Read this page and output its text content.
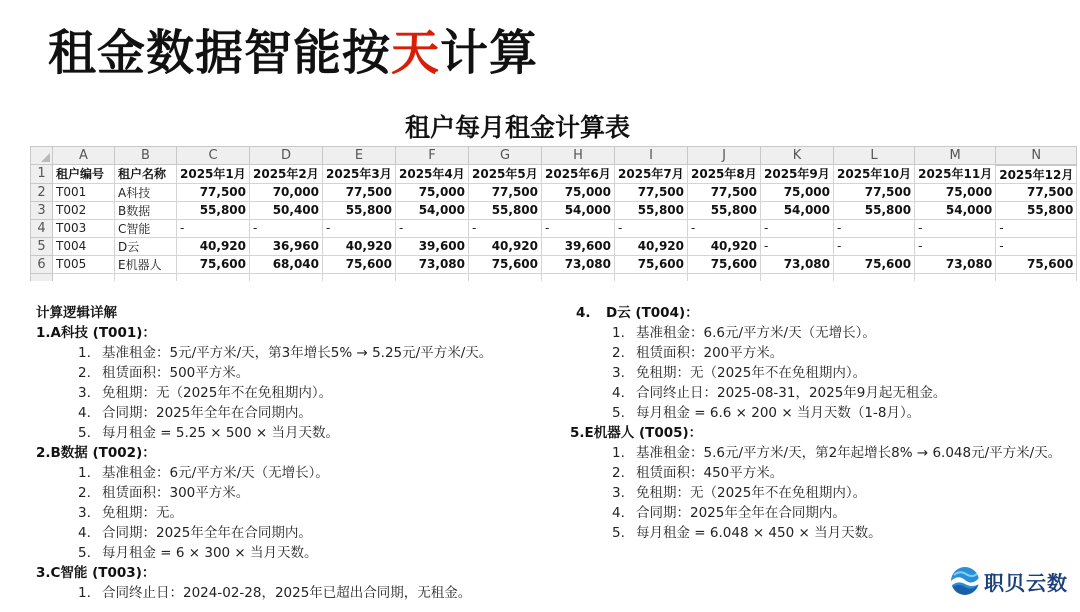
租金数据智能按天计算
租户每月租金计算表
	A	B	C	D	E	F	G	H	I	J	K	L	M	N
1	租户编号	租户名称	2025年1月	2025年2月	2025年3月	2025年4月	2025年5月	2025年6月	2025年7月	2025年8月	2025年9月	2025年10月	2025年11月	2025年12月
2	T001	A科技	77,500	70,000	77,500	75,000	77,500	75,000	77,500	77,500	75,000	77,500	75,000	77,500
3	T002	B数据	55,800	50,400	55,800	54,000	55,800	54,000	55,800	55,800	54,000	55,800	54,000	55,800
4	T003	C智能	-	-	-	-	-	-	-	-	-	-	-	-
5	T004	D云	40,920	36,960	40,920	39,600	40,920	39,600	40,920	40,920	-	-	-	-
6	T005	E机器人	75,600	68,040	75,600	73,080	75,600	73,080	75,600	75,600	73,080	75,600	73,080	75,600

计算逻辑详解
1.A科技 (T001)：
1. 基准租金：5元/平方米/天，第3年增长5% → 5.25元/平方米/天。
2. 租赁面积：500平方米。
3. 免租期：无（2025年不在免租期内）。
4. 合同期：2025年全年在合同期内。
5. 每月租金 = 5.25 × 500 × 当月天数。
2.B数据 (T002)：
1. 基准租金：6元/平方米/天（无增长）。
2. 租赁面积：300平方米。
3. 免租期：无。
4. 合同期：2025年全年在合同期内。
5. 每月租金 = 6 × 300 × 当月天数。
3.C智能 (T003)：
1. 合同终止日：2024-02-28，2025年已超出合同期，无租金。
4. D云 (T004)：
1. 基准租金：6.6元/平方米/天（无增长）。
2. 租赁面积：200平方米。
3. 免租期：无（2025年不在免租期内）。
4. 合同终止日：2025-08-31，2025年9月起无租金。
5. 每月租金 = 6.6 × 200 × 当月天数（1-8月）。
5.E机器人 (T005)：
1. 基准租金：5.6元/平方米/天，第2年起增长8% → 6.048元/平方米/天。
2. 租赁面积：450平方米。
3. 免租期：无（2025年不在免租期内）。
4. 合同期：2025年全年在合同期内。
5. 每月租金 = 6.048 × 450 × 当月天数。
职贝云数
